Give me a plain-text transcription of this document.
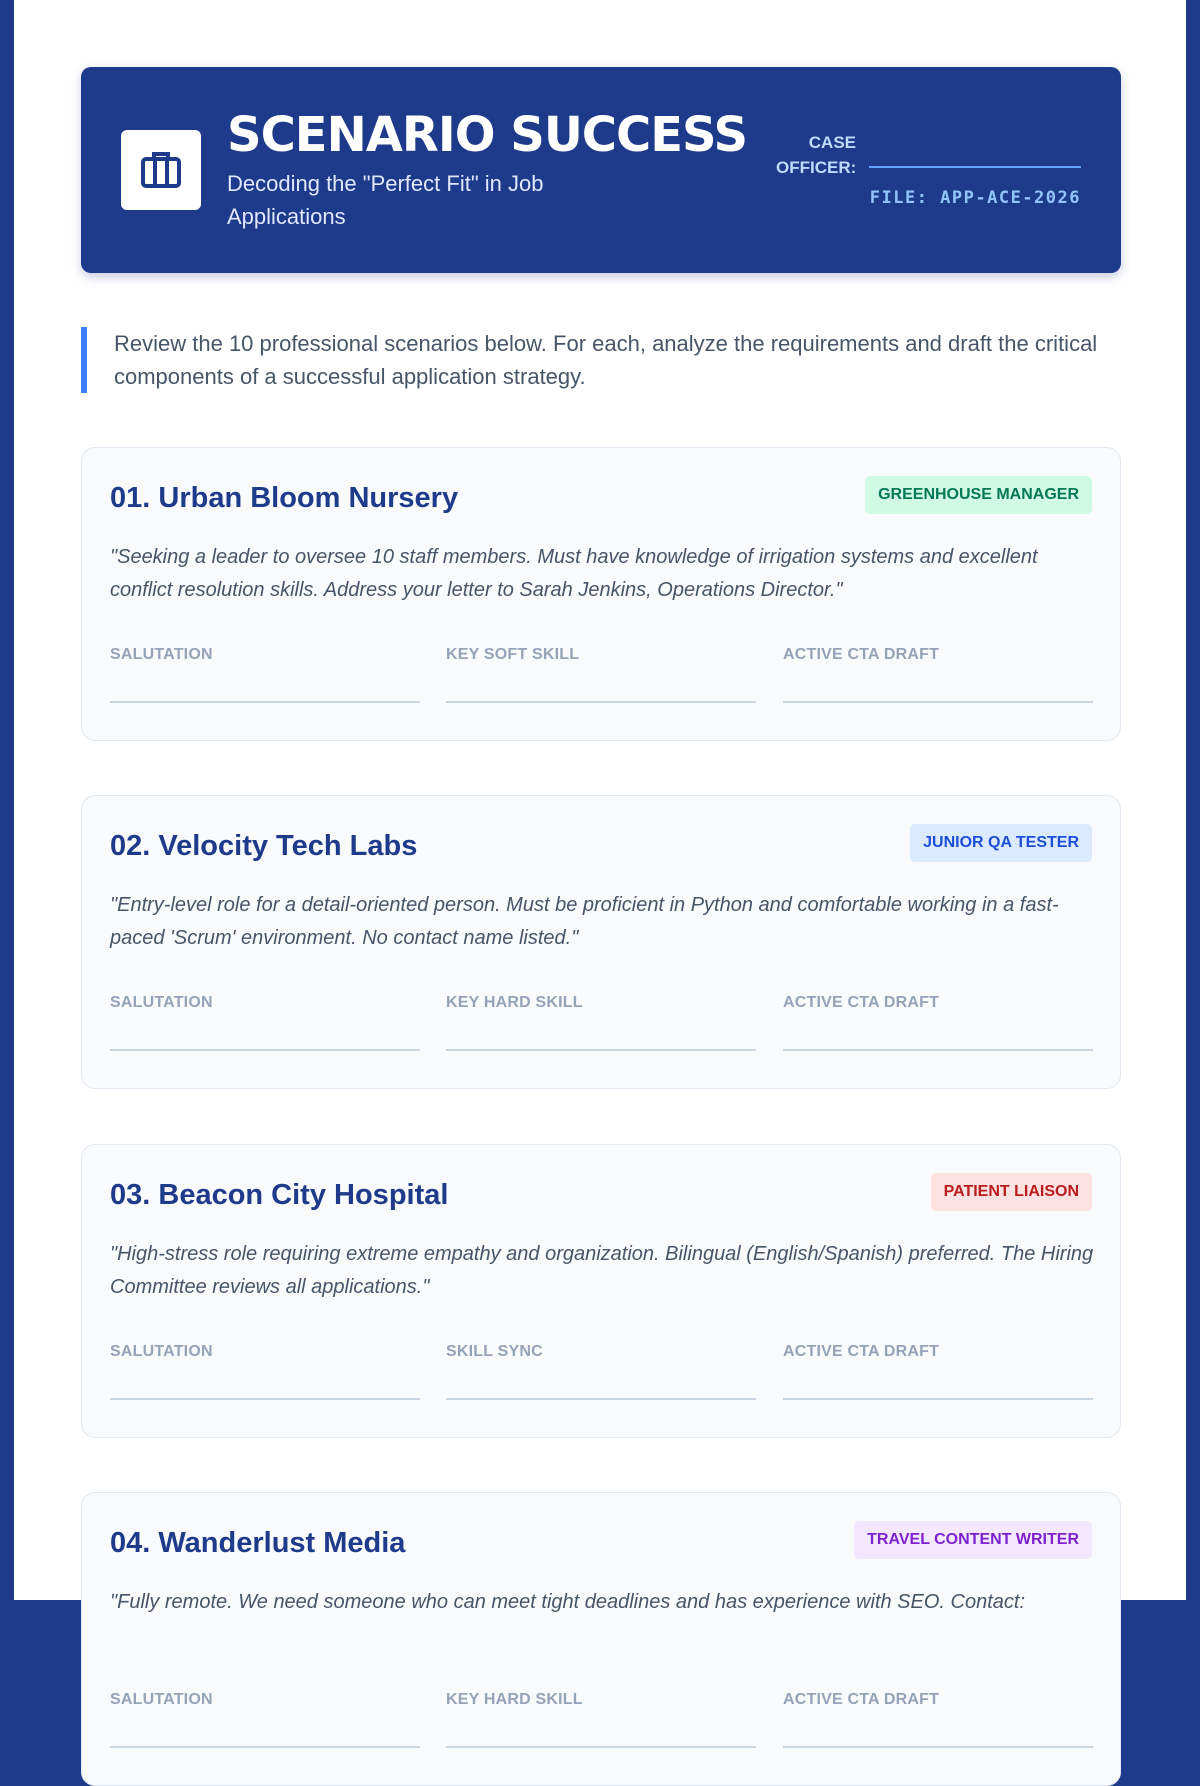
SCENARIO SUCCESS
Decoding the "Perfect Fit" in Job Applications
CASE OFFICER:
FILE: APP-ACE-2026
Review the 10 professional scenarios below. For each, analyze the requirements and draft the critical components of a successful application strategy.
01. Urban Bloom Nursery	GREENHOUSE MANAGER
"Seeking a leader to oversee 10 staff members. Must have knowledge of irrigation systems and excellent conflict resolution skills. Address your letter to Sarah Jenkins, Operations Director."
SALUTATION	KEY SOFT SKILL	ACTIVE CTA DRAFT
02. Velocity Tech Labs	JUNIOR QA TESTER
"Entry-level role for a detail-oriented person. Must be proficient in Python and comfortable working in a fast-paced 'Scrum' environment. No contact name listed."
SALUTATION	KEY HARD SKILL	ACTIVE CTA DRAFT
03. Beacon City Hospital	PATIENT LIAISON
"High-stress role requiring extreme empathy and organization. Bilingual (English/Spanish) preferred. The Hiring Committee reviews all applications."
SALUTATION	SKILL SYNC	ACTIVE CTA DRAFT
04. Wanderlust Media	TRAVEL CONTENT WRITER
"Fully remote. We need someone who can meet tight deadlines and has experience with SEO. Contact:
SALUTATION	KEY HARD SKILL	ACTIVE CTA DRAFT
